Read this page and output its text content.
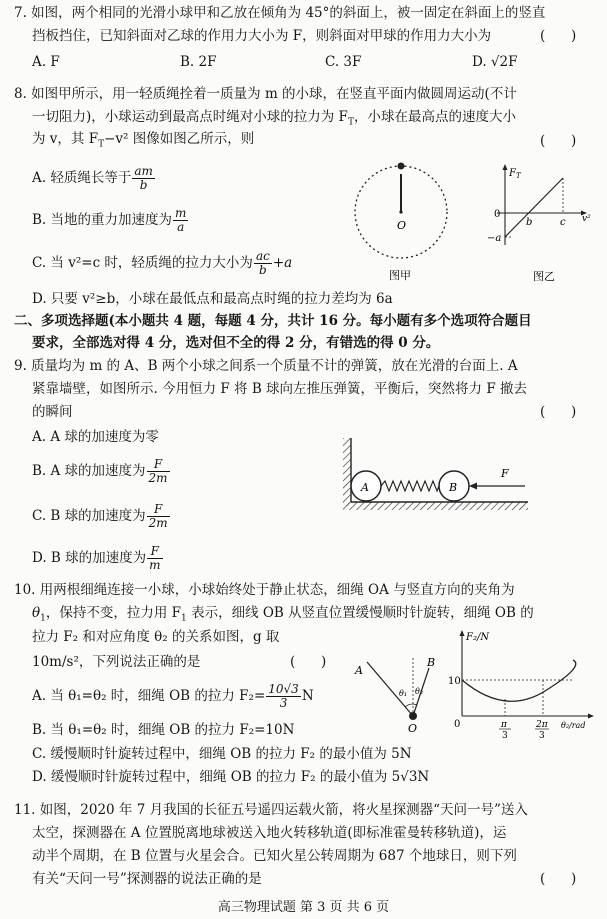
7. 如图，两个相同的光滑小球甲和乙放在倾角为 45°的斜面上，被一固定在斜面上的竖直
挡板挡住，已知斜面对乙球的作用力大小为 F，则斜面对甲球的作用力大小为	(      )
A. F	B. 2F	C. 3F	D. √2F
8. 如图甲所示，用一轻质绳拴着一质量为 m 的小球，在竖直平面内做圆周运动(不计
一切阻力)，小球运动到最高点时绳对小球的拉力为 $F_T$，小球在最高点的速度大小
为 v，其 $F_T-v^2$ 图像如图乙所示，则	(      )
A. 轻质绳长等于 $\frac{am}{b}$
B. 当地的重力加速度为 $\frac{m}{a}$
C. 当 v²=c 时，轻质绳的拉力大小为 $\frac{ac}{b} +a$
D. 只要 v²≥b，小球在最低点和最高点时绳的拉力差均为 6a
O
图甲
$F_T$
0
−a
b	c v²
图乙
二、多项选择题(本小题共 4 题，每题 4 分，共计 16 分。每小题有多个选项符合题目
要求，全部选对得 4 分，选对但不全的得 2 分，有错选的得 0 分。
9. 质量均为 m 的 A、B 两个小球之间系一个质量不计的弹簧，放在光滑的台面上. A
紧靠墙壁，如图所示. 今用恒力 F 将 B 球向左推压弹簧，平衡后，突然将力 F 撤去
的瞬间	(      )
A. A 球的加速度为零
B. A 球的加速度为 $\frac{F}{2m}$
C. B 球的加速度为 $\frac{F}{2m}$
D. B 球的加速度为 $\frac{F}{m}$
A	B
F
10. 用两根细绳连接一小球，小球始终处于静止状态，细绳 OA 与竖直方向的夹角为
$\theta_1$，保持不变，拉力用 $F_1$ 表示，细线 OB 从竖直位置缓慢顺时针旋转，细绳 OB 的
拉力 F₂ 和对应角度 θ₂ 的关系如图，g 取
10m/s²，下列说法正确的是	(      )
A. 当 θ₁=θ₂ 时，细绳 OB 的拉力 $F_2= \frac{10√3}{3}$ N
B. 当 θ₁=θ₂ 时，细绳 OB 的拉力 F₂=10N
C. 缓慢顺时针旋转过程中，细绳 OB 的拉力 F₂ 的最小值为 5N
D. 缓慢顺时针旋转过程中，细绳 OB 的拉力 F₂ 的最小值为 5√3N
A
B
O
θ₁ θ₂
F₂/N
10
0	π
3
2π
3
θ₂/rad
11. 如图，2020 年 7 月我国的长征五号遥四运载火箭，将火星探测器“天问一号”送入
太空，探测器在 A 位置脱离地球被送入地火转移轨道(即标准霍曼转移轨道)，运
动半个周期，在 B 位置与火星会合。已知火星公转周期为 687 个地球日，则下列
有关“天问一号”探测器的说法正确的是	(      )
高三物理试题 第 3 页 共 6 页
